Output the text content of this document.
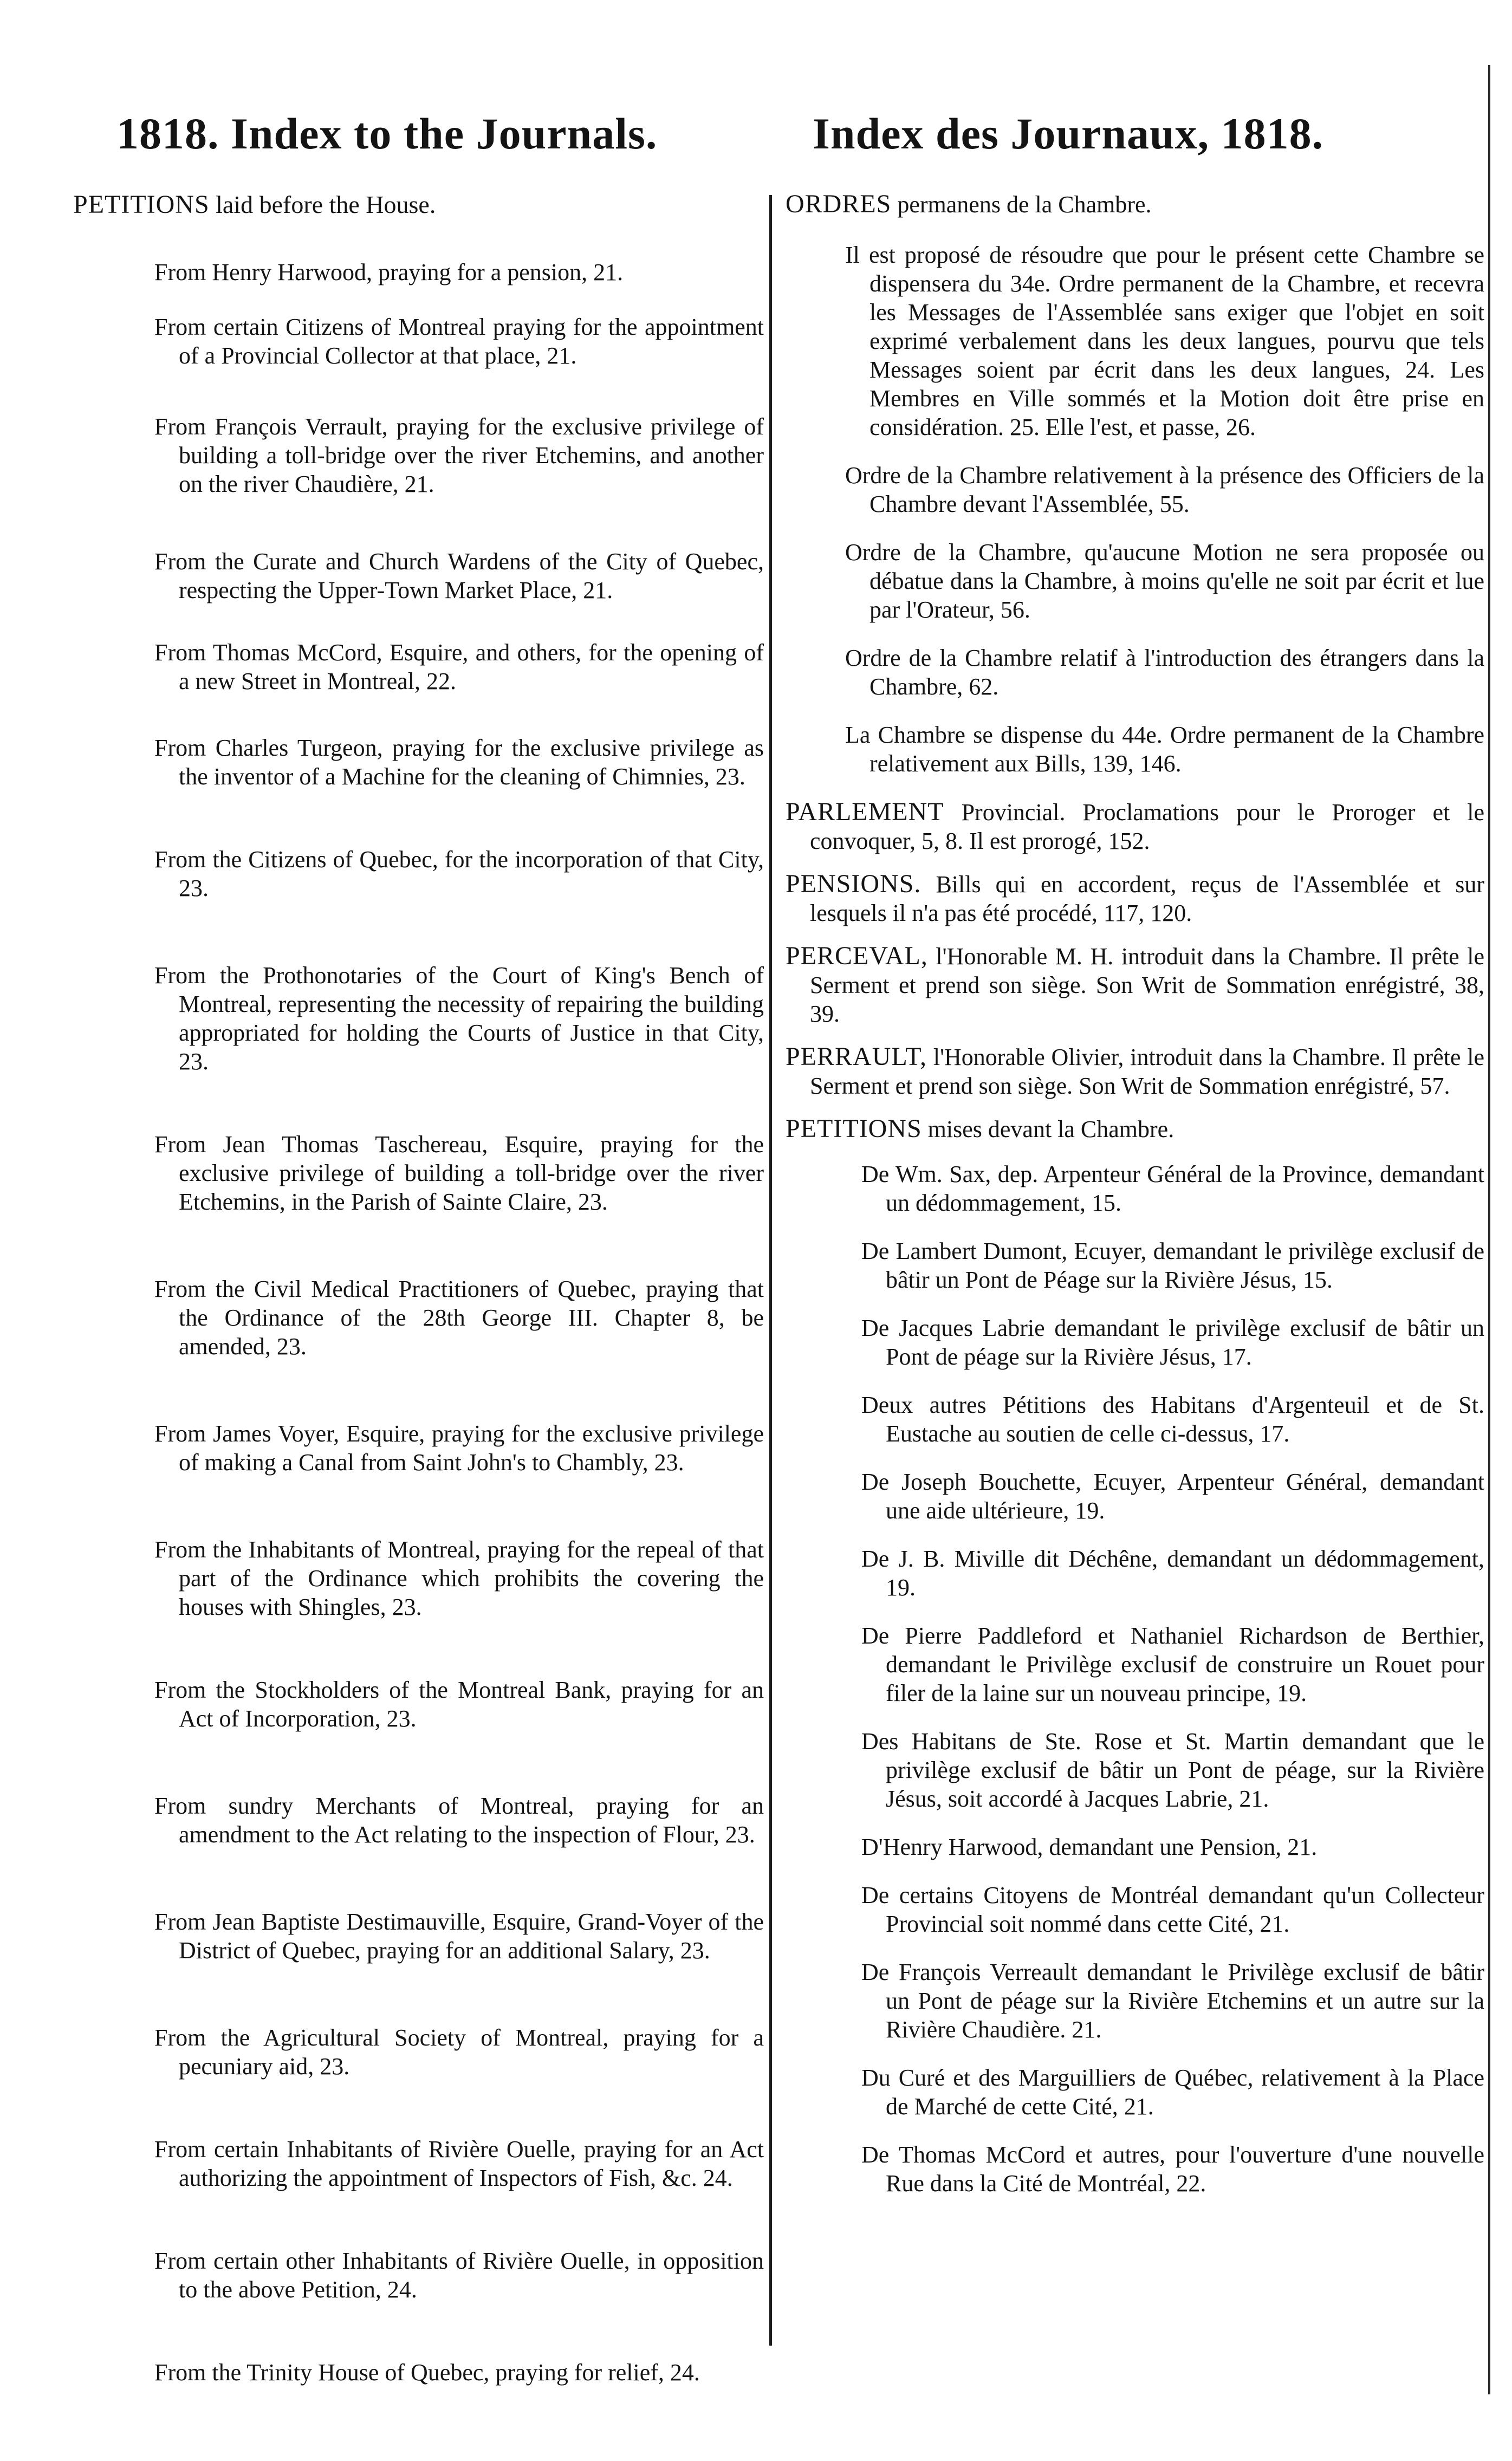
1818. Index to the Journals.	Index des Journaux, 1818.
PETITIONS laid before the House.
From Henry Harwood, praying for a pension, 21.
From certain Citizens of Montreal praying for the appointment of a Provincial Collector at that place, 21.
From François Verrault, praying for the exclusive privilege of building a toll-bridge over the river Etchemins, and another on the river Chaudière, 21.
From the Curate and Church Wardens of the City of Quebec, respecting the Upper-Town Market Place, 21.
From Thomas McCord, Esquire, and others, for the opening of a new Street in Montreal, 22.
From Charles Turgeon, praying for the exclusive privilege as the inventor of a Machine for the cleaning of Chimnies, 23.
From the Citizens of Quebec, for the incorporation of that City, 23.
From the Prothonotaries of the Court of King's Bench of Montreal, representing the necessity of repairing the building appropriated for holding the Courts of Justice in that City, 23.
From Jean Thomas Taschereau, Esquire, praying for the exclusive privilege of building a toll-bridge over the river Etchemins, in the Parish of Sainte Claire, 23.
From the Civil Medical Practitioners of Quebec, praying that the Ordinance of the 28th George III. Chapter 8, be amended, 23.
From James Voyer, Esquire, praying for the exclusive privilege of making a Canal from Saint John's to Chambly, 23.
From the Inhabitants of Montreal, praying for the repeal of that part of the Ordinance which prohibits the covering the houses with Shingles, 23.
From the Stockholders of the Montreal Bank, praying for an Act of Incorporation, 23.
From sundry Merchants of Montreal, praying for an amendment to the Act relating to the inspection of Flour, 23.
From Jean Baptiste Destimauville, Esquire, Grand-Voyer of the District of Quebec, praying for an additional Salary, 23.
From the Agricultural Society of Montreal, praying for a pecuniary aid, 23.
From certain Inhabitants of Rivière Ouelle, praying for an Act authorizing the appointment of Inspectors of Fish, &c. 24.
From certain other Inhabitants of Rivière Ouelle, in opposition to the above Petition, 24.
From the Trinity House of Quebec, praying for relief, 24.
ORDRES permanens de la Chambre.
Il est proposé de résoudre que pour le présent cette Chambre se dispensera du 34e. Ordre permanent de la Chambre, et recevra les Messages de l'Assemblée sans exiger que l'objet en soit exprimé verbalement dans les deux langues, pourvu que tels Messages soient par écrit dans les deux langues, 24. Les Membres en Ville sommés et la Motion doit être prise en considération. 25. Elle l'est, et passe, 26.
Ordre de la Chambre relativement à la présence des Officiers de la Chambre devant l'Assemblée, 55.
Ordre de la Chambre, qu'aucune Motion ne sera proposée ou débatue dans la Chambre, à moins qu'elle ne soit par écrit et lue par l'Orateur, 56.
Ordre de la Chambre relatif à l'introduction des étrangers dans la Chambre, 62.
La Chambre se dispense du 44e. Ordre permanent de la Chambre relativement aux Bills, 139, 146.
PARLEMENT Provincial. Proclamations pour le Proroger et le convoquer, 5, 8. Il est prorogé, 152.
PENSIONS. Bills qui en accordent, reçus de l'Assemblée et sur lesquels il n'a pas été procédé, 117, 120.
PERCEVAL, l'Honorable M. H. introduit dans la Chambre. Il prête le Serment et prend son siège. Son Writ de Sommation enrégistré, 38, 39.
PERRAULT, l'Honorable Olivier, introduit dans la Chambre. Il prête le Serment et prend son siège. Son Writ de Sommation enrégistré, 57.
PETITIONS mises devant la Chambre.
De Wm. Sax, dep. Arpenteur Général de la Province, demandant un dédommagement, 15.
De Lambert Dumont, Ecuyer, demandant le privilège exclusif de bâtir un Pont de Péage sur la Rivière Jésus, 15.
De Jacques Labrie demandant le privilège exclusif de bâtir un Pont de péage sur la Rivière Jésus, 17.
Deux autres Pétitions des Habitans d'Argenteuil et de St. Eustache au soutien de celle ci-dessus, 17.
De Joseph Bouchette, Ecuyer, Arpenteur Général, demandant une aide ultérieure, 19.
De J. B. Miville dit Déchêne, demandant un dédommagement, 19.
De Pierre Paddleford et Nathaniel Richardson de Berthier, demandant le Privilège exclusif de construire un Rouet pour filer de la laine sur un nouveau principe, 19.
Des Habitans de Ste. Rose et St. Martin demandant que le privilège exclusif de bâtir un Pont de péage, sur la Rivière Jésus, soit accordé à Jacques Labrie, 21.
D'Henry Harwood, demandant une Pension, 21.
De certains Citoyens de Montréal demandant qu'un Collecteur Provincial soit nommé dans cette Cité, 21.
De François Verreault demandant le Privilège exclusif de bâtir un Pont de péage sur la Rivière Etchemins et un autre sur la Rivière Chaudière. 21.
Du Curé et des Marguilliers de Québec, relativement à la Place de Marché de cette Cité, 21.
De Thomas McCord et autres, pour l'ouverture d'une nouvelle Rue dans la Cité de Montréal, 22.
